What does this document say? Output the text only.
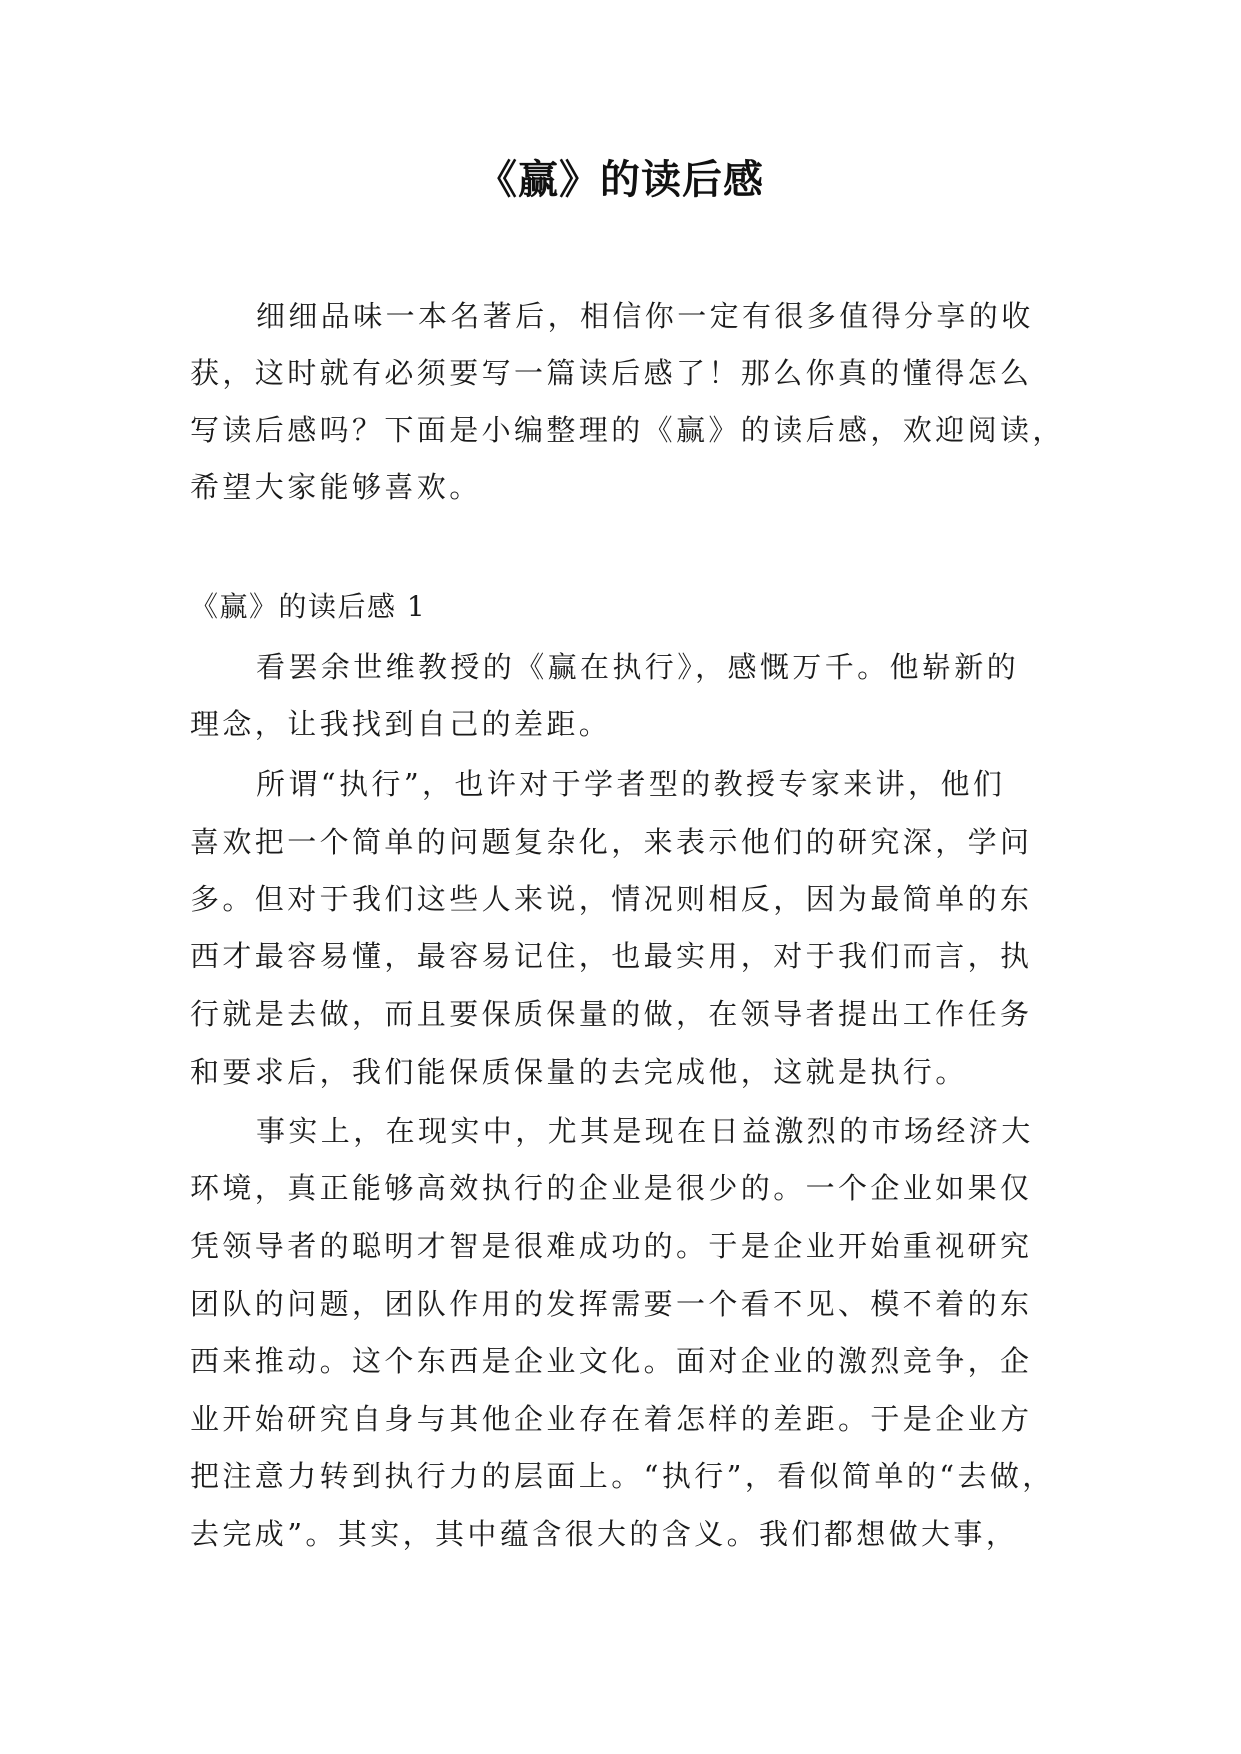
《赢》的读后感
细细品味一本名著后，相信你一定有很多值得分享的收
获，这时就有必须要写一篇读后感了！那么你真的懂得怎么
写读后感吗？下面是小编整理的《赢》的读后感，欢迎阅读，
希望大家能够喜欢。
《赢》的读后感 1
看罢余世维教授的《赢在执行》，感慨万千。他崭新的
理念，让我找到自己的差距。
所谓“执行”，也许对于学者型的教授专家来讲，他们
喜欢把一个简单的问题复杂化，来表示他们的研究深，学问
多。但对于我们这些人来说，情况则相反，因为最简单的东
西才最容易懂，最容易记住，也最实用，对于我们而言，执
行就是去做，而且要保质保量的做，在领导者提出工作任务
和要求后，我们能保质保量的去完成他，这就是执行。
事实上，在现实中，尤其是现在日益激烈的市场经济大
环境，真正能够高效执行的企业是很少的。一个企业如果仅
凭领导者的聪明才智是很难成功的。于是企业开始重视研究
团队的问题，团队作用的发挥需要一个看不见、模不着的东
西来推动。这个东西是企业文化。面对企业的激烈竞争，企
业开始研究自身与其他企业存在着怎样的差距。于是企业方
把注意力转到执行力的层面上。“执行”，看似简单的“去做，
去完成”。其实，其中蕴含很大的含义。我们都想做大事，
